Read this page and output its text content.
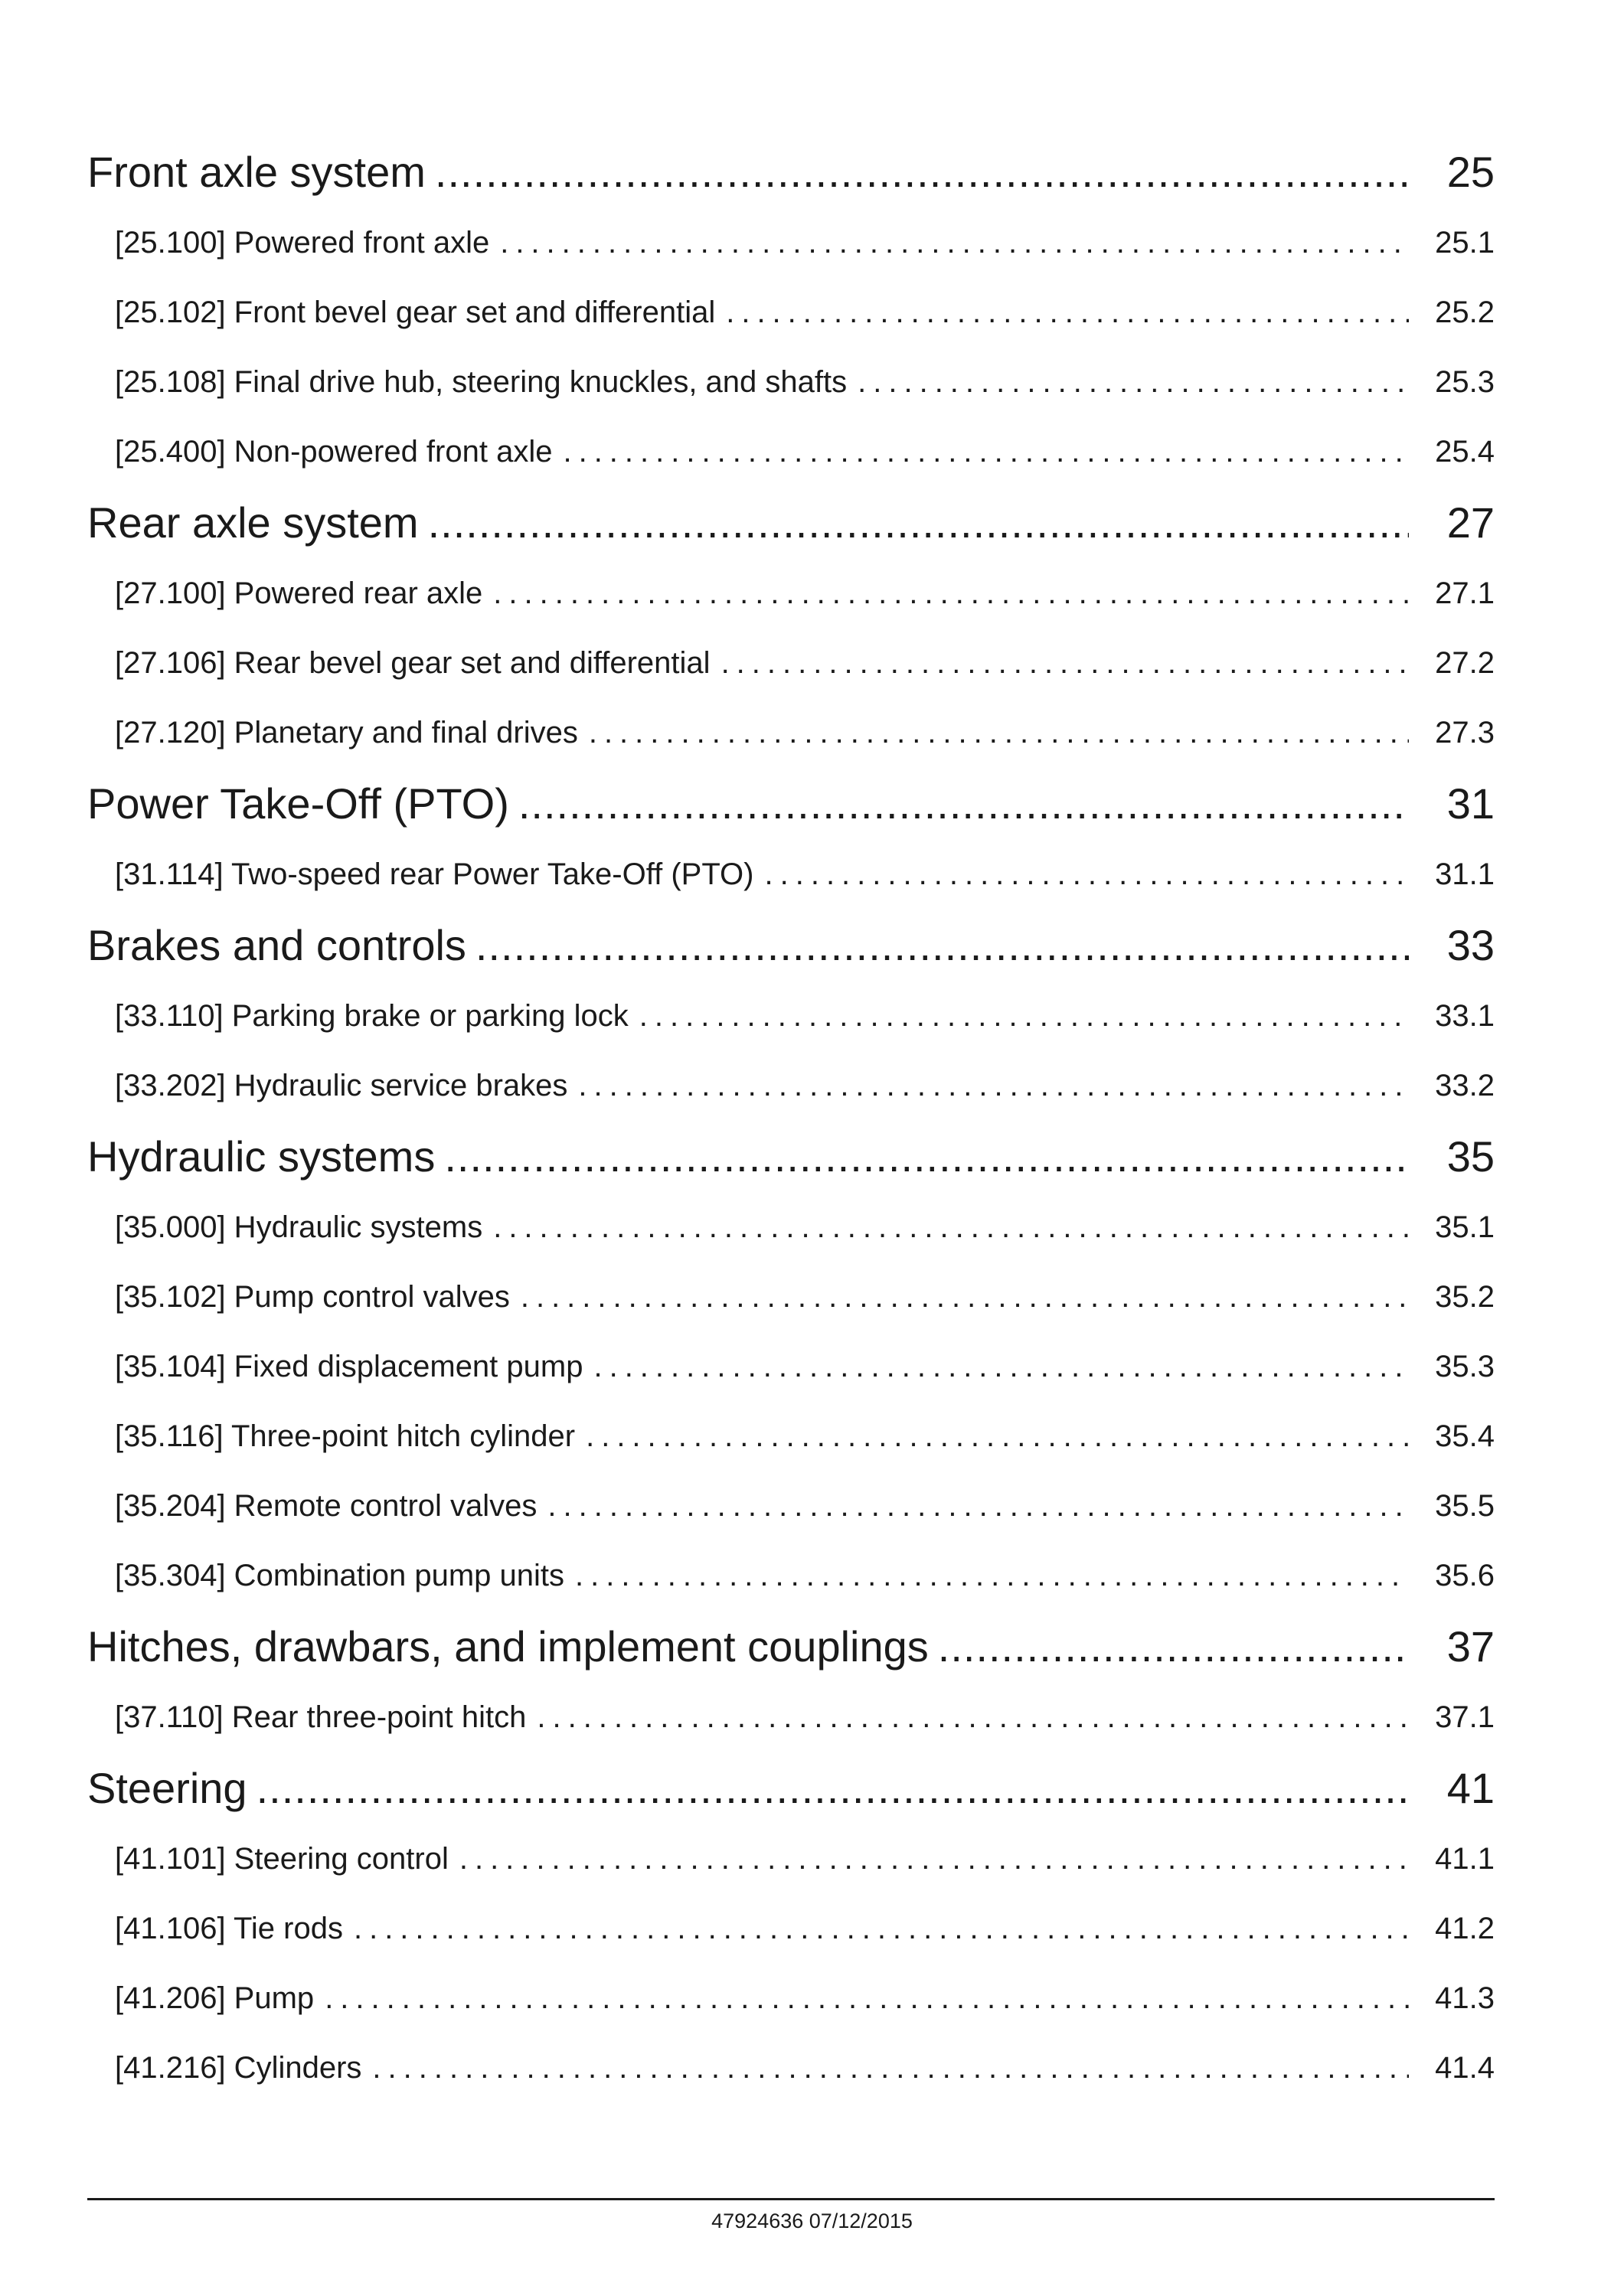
Front axle system .....	25
[25.100] Powered front axle .....	25.1
[25.102] Front bevel gear set and differential .....	25.2
[25.108] Final drive hub, steering knuckles, and shafts .....	25.3
[25.400] Non-powered front axle .....	25.4
Rear axle system .....	27
[27.100] Powered rear axle .....	27.1
[27.106] Rear bevel gear set and differential .....	27.2
[27.120] Planetary and final drives .....	27.3
Power Take-Off (PTO) .....	31
[31.114] Two-speed rear Power Take-Off (PTO) .....	31.1
Brakes and controls .....	33
[33.110] Parking brake or parking lock .....	33.1
[33.202] Hydraulic service brakes .....	33.2
Hydraulic systems .....	35
[35.000] Hydraulic systems .....	35.1
[35.102] Pump control valves .....	35.2
[35.104] Fixed displacement pump .....	35.3
[35.116] Three-point hitch cylinder .....	35.4
[35.204] Remote control valves .....	35.5
[35.304] Combination pump units .....	35.6
Hitches, drawbars, and implement couplings .....	37
[37.110] Rear three-point hitch .....	37.1
Steering .....	41
[41.101] Steering control .....	41.1
[41.106] Tie rods .....	41.2
[41.206] Pump .....	41.3
[41.216] Cylinders .....	41.4
47924636 07/12/2015
